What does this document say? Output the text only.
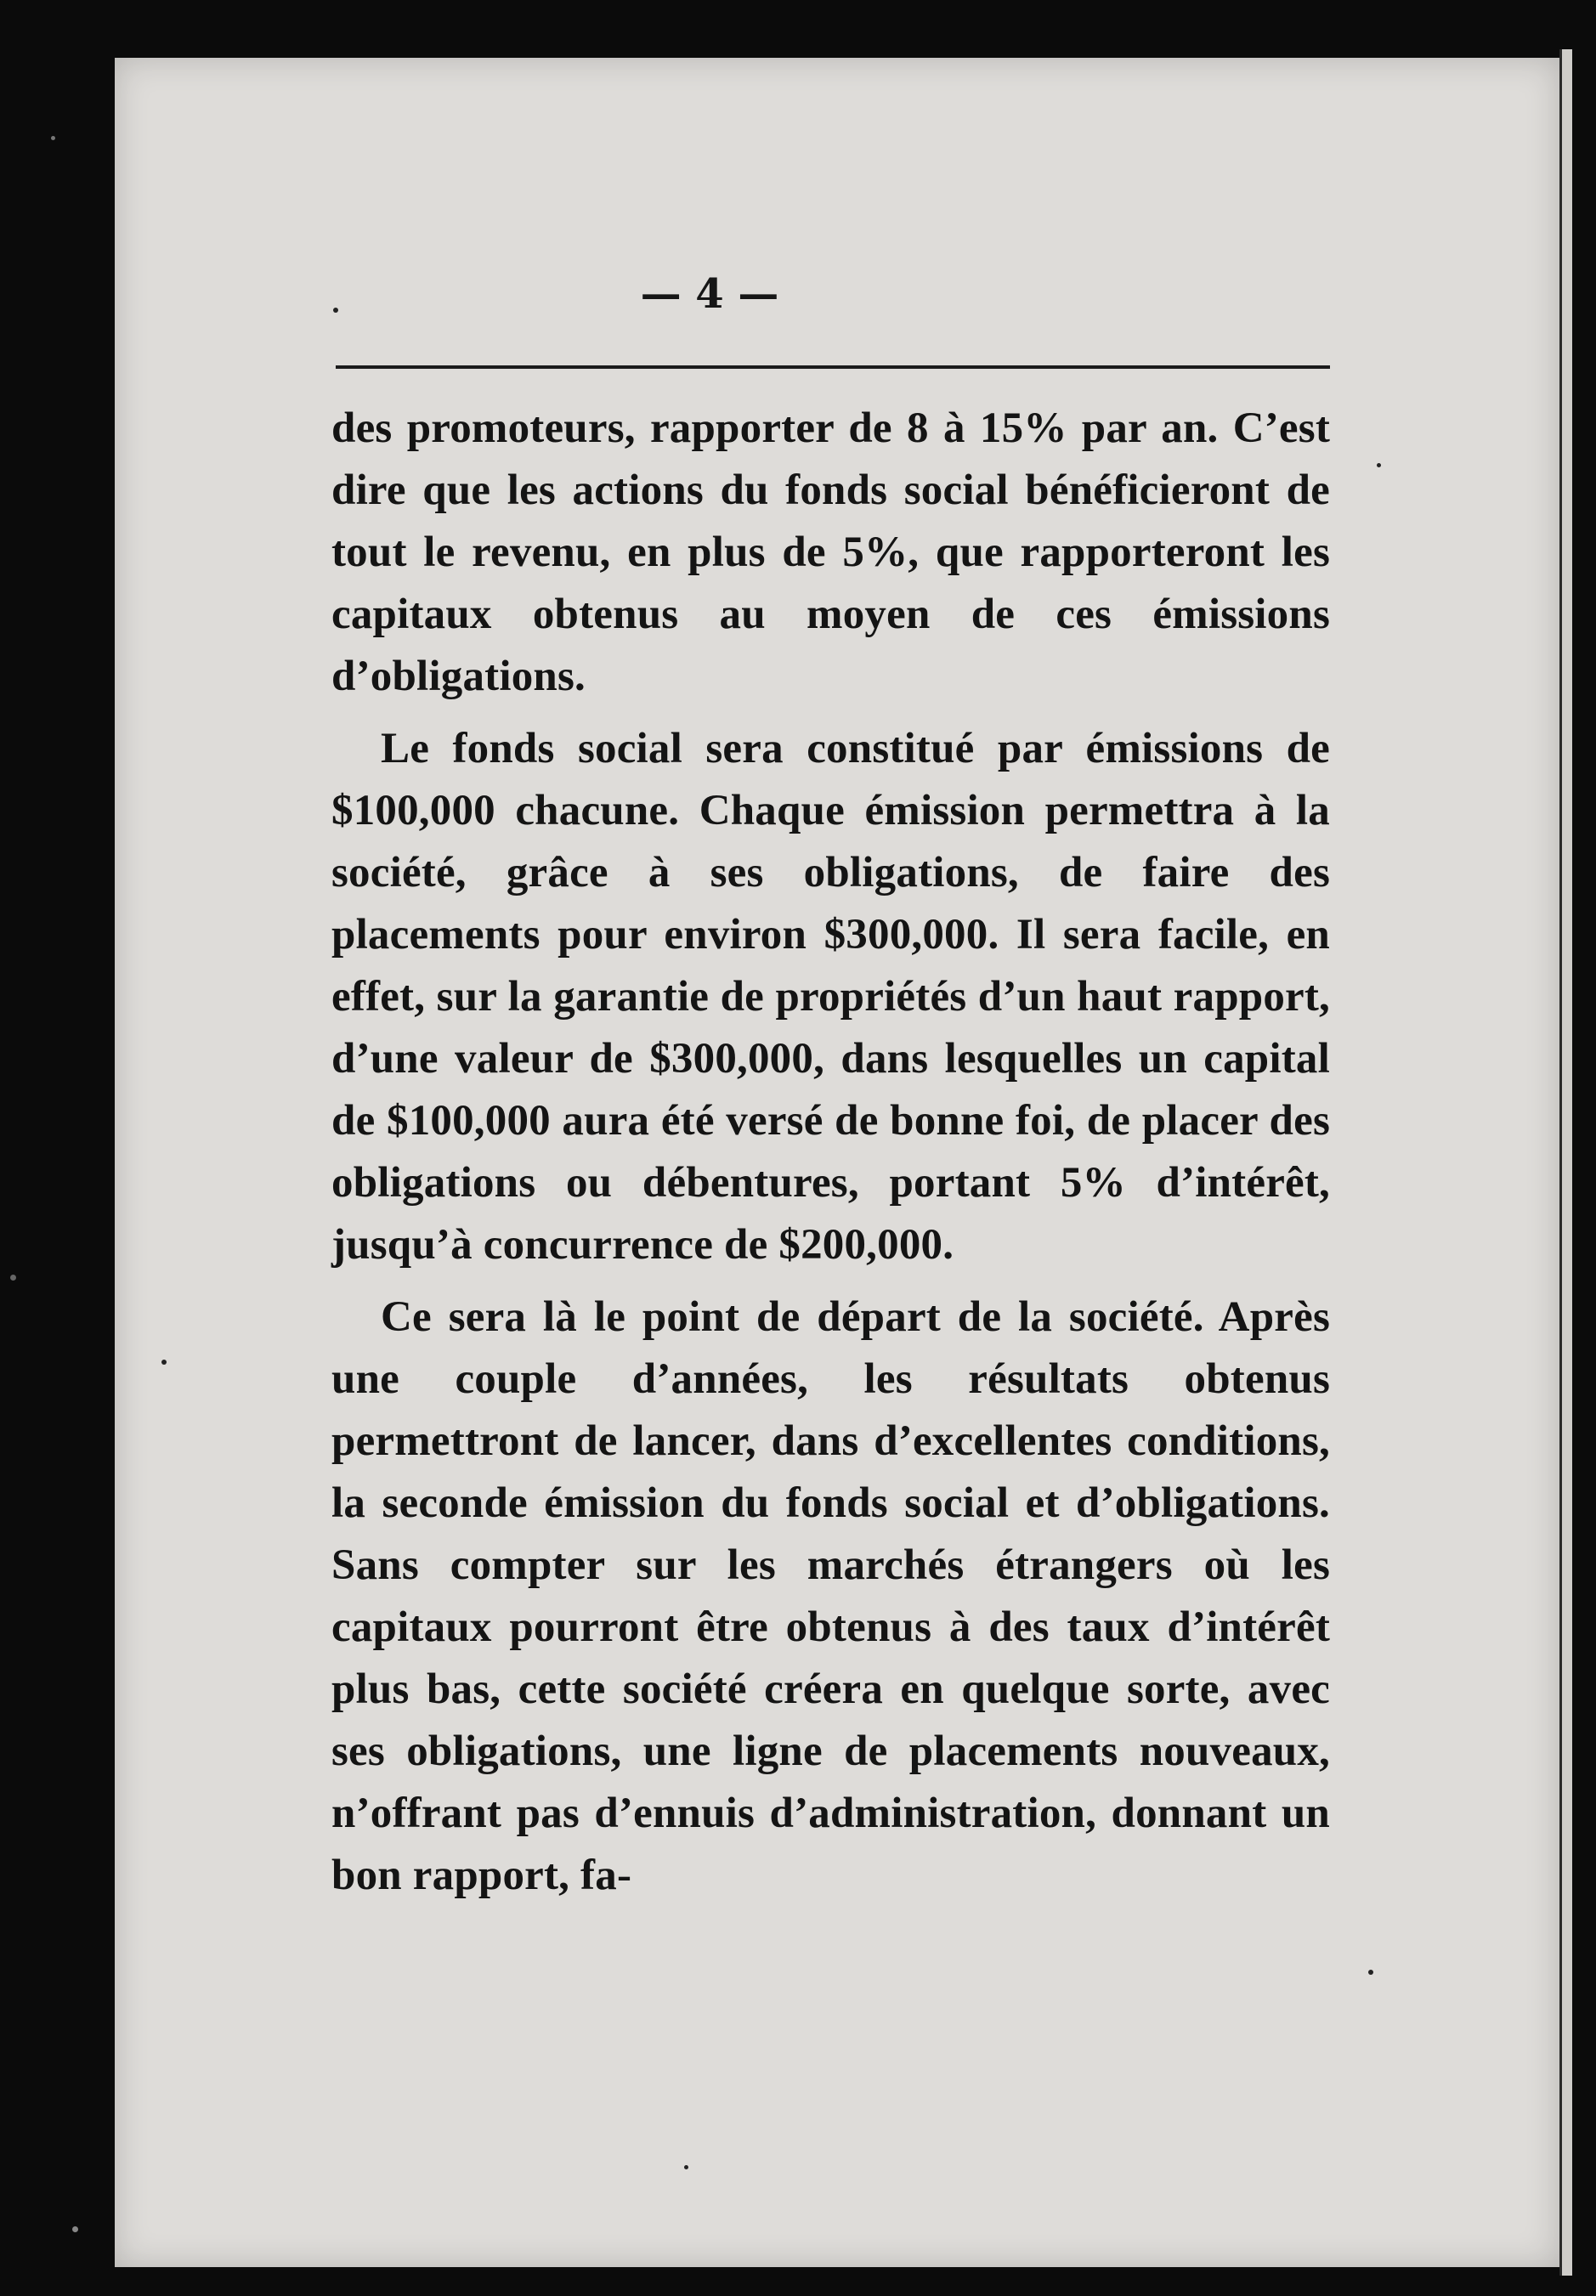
— 4 —

des promoteurs, rapporter de 8 à 15% par an. C’est dire que les actions du fonds social bénéficieront de tout le revenu, en plus de 5%, que rapporteront les capitaux obtenus au moyen de ces émissions d’obligations.

Le fonds social sera constitué par émissions de $100,000 chacune. Chaque émission permettra à la société, grâce à ses obligations, de faire des placements pour environ $300,000. Il sera facile, en effet, sur la garantie de propriétés d’un haut rapport, d’une valeur de $300,000, dans lesquelles un capital de $100,000 aura été versé de bonne foi, de placer des obligations ou débentures, portant 5% d’intérêt, jusqu’à concurrence de $200,000.

Ce sera là le point de départ de la société. Après une couple d’années, les résultats obtenus permettront de lancer, dans d’excellentes conditions, la seconde émission du fonds social et d’obligations. Sans compter sur les marchés étrangers où les capitaux pourront être obtenus à des taux d’intérêt plus bas, cette société créera en quelque sorte, avec ses obligations, une ligne de placements nouveaux, n’offrant pas d’ennuis d’administration, donnant un bon rapport, fa-
